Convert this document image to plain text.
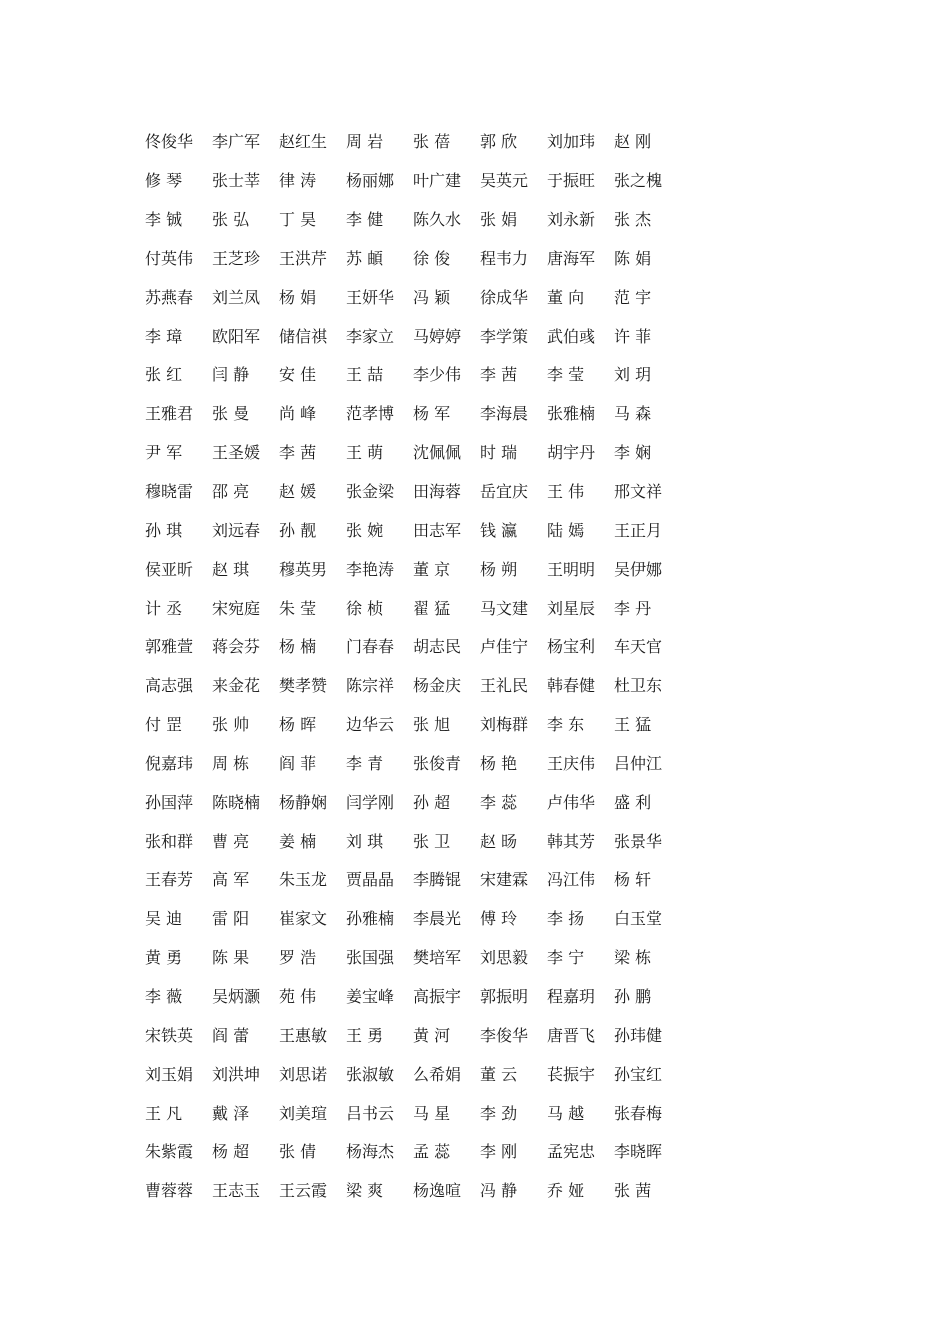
佟俊华	李广军	赵红生	周 岩	张 蓓	郭 欣	刘加玮	赵 刚
修 琴	张士莘	律 涛	杨丽娜	叶广建	吴英元	于振旺	张之槐
李 铖	张 弘	丁 昊	李 健	陈久水	张 娟	刘永新	张 杰
付英伟	王芝珍	王洪芹	苏 頔	徐 俊	程韦力	唐海军	陈 娟
苏燕春	刘兰凤	杨 娟	王妍华	冯 颖	徐成华	董 向	范 宇
李 璋	欧阳军	储信祺	李家立	马婷婷	李学策	武伯彧	许 菲
张 红	闫 静	安 佳	王 喆	李少伟	李 茜	李 莹	刘 玥
王雅君	张 曼	尚 峰	范孝博	杨 军	李海晨	张雅楠	马 森
尹 军	王圣媛	李 茜	王 萌	沈佩佩	时 瑞	胡宇丹	李 娴
穆晓雷	邵 亮	赵 媛	张金梁	田海蓉	岳宜庆	王 伟	邢文祥
孙 琪	刘远春	孙 靓	张 婉	田志军	钱 瀛	陆 嫣	王正月
侯亚昕	赵 琪	穆英男	李艳涛	董 京	杨 朔	王明明	吴伊娜
计 丞	宋宛庭	朱 莹	徐 桢	翟 猛	马文建	刘星辰	李 丹
郭雅萱	蒋会芬	杨 楠	门春春	胡志民	卢佳宁	杨宝利	车天官
高志强	来金花	樊孝赞	陈宗祥	杨金庆	王礼民	韩春健	杜卫东
付 罡	张 帅	杨 晖	边华云	张 旭	刘梅群	李 东	王 猛
倪嘉玮	周 栋	阎 菲	李 青	张俊青	杨 艳	王庆伟	吕仲江
孙国萍	陈晓楠	杨静娴	闫学刚	孙 超	李 蕊	卢伟华	盛 利
张和群	曹 亮	姜 楠	刘 琪	张 卫	赵 旸	韩其芳	张景华
王春芳	高 军	朱玉龙	贾晶晶	李腾锟	宋建霖	冯江伟	杨 轩
吴 迪	雷 阳	崔家文	孙雅楠	李晨光	傅 玲	李 扬	白玉堂
黄 勇	陈 果	罗 浩	张国强	樊培军	刘思毅	李 宁	梁 栋
李 薇	吴炳灏	苑 伟	姜宝峰	高振宇	郭振明	程嘉玥	孙 鹏
宋铁英	阎 蕾	王惠敏	王 勇	黄 河	李俊华	唐晋飞	孙玮健
刘玉娟	刘洪坤	刘思诺	张淑敏	么希娟	董 云	苌振宇	孙宝红
王 凡	戴 泽	刘美瑄	吕书云	马 星	李 劲	马 越	张春梅
朱紫霞	杨 超	张 倩	杨海杰	孟 蕊	李 刚	孟宪忠	李晓晖
曹蓉蓉	王志玉	王云霞	梁 爽	杨逸喧	冯 静	乔 娅	张 茜
